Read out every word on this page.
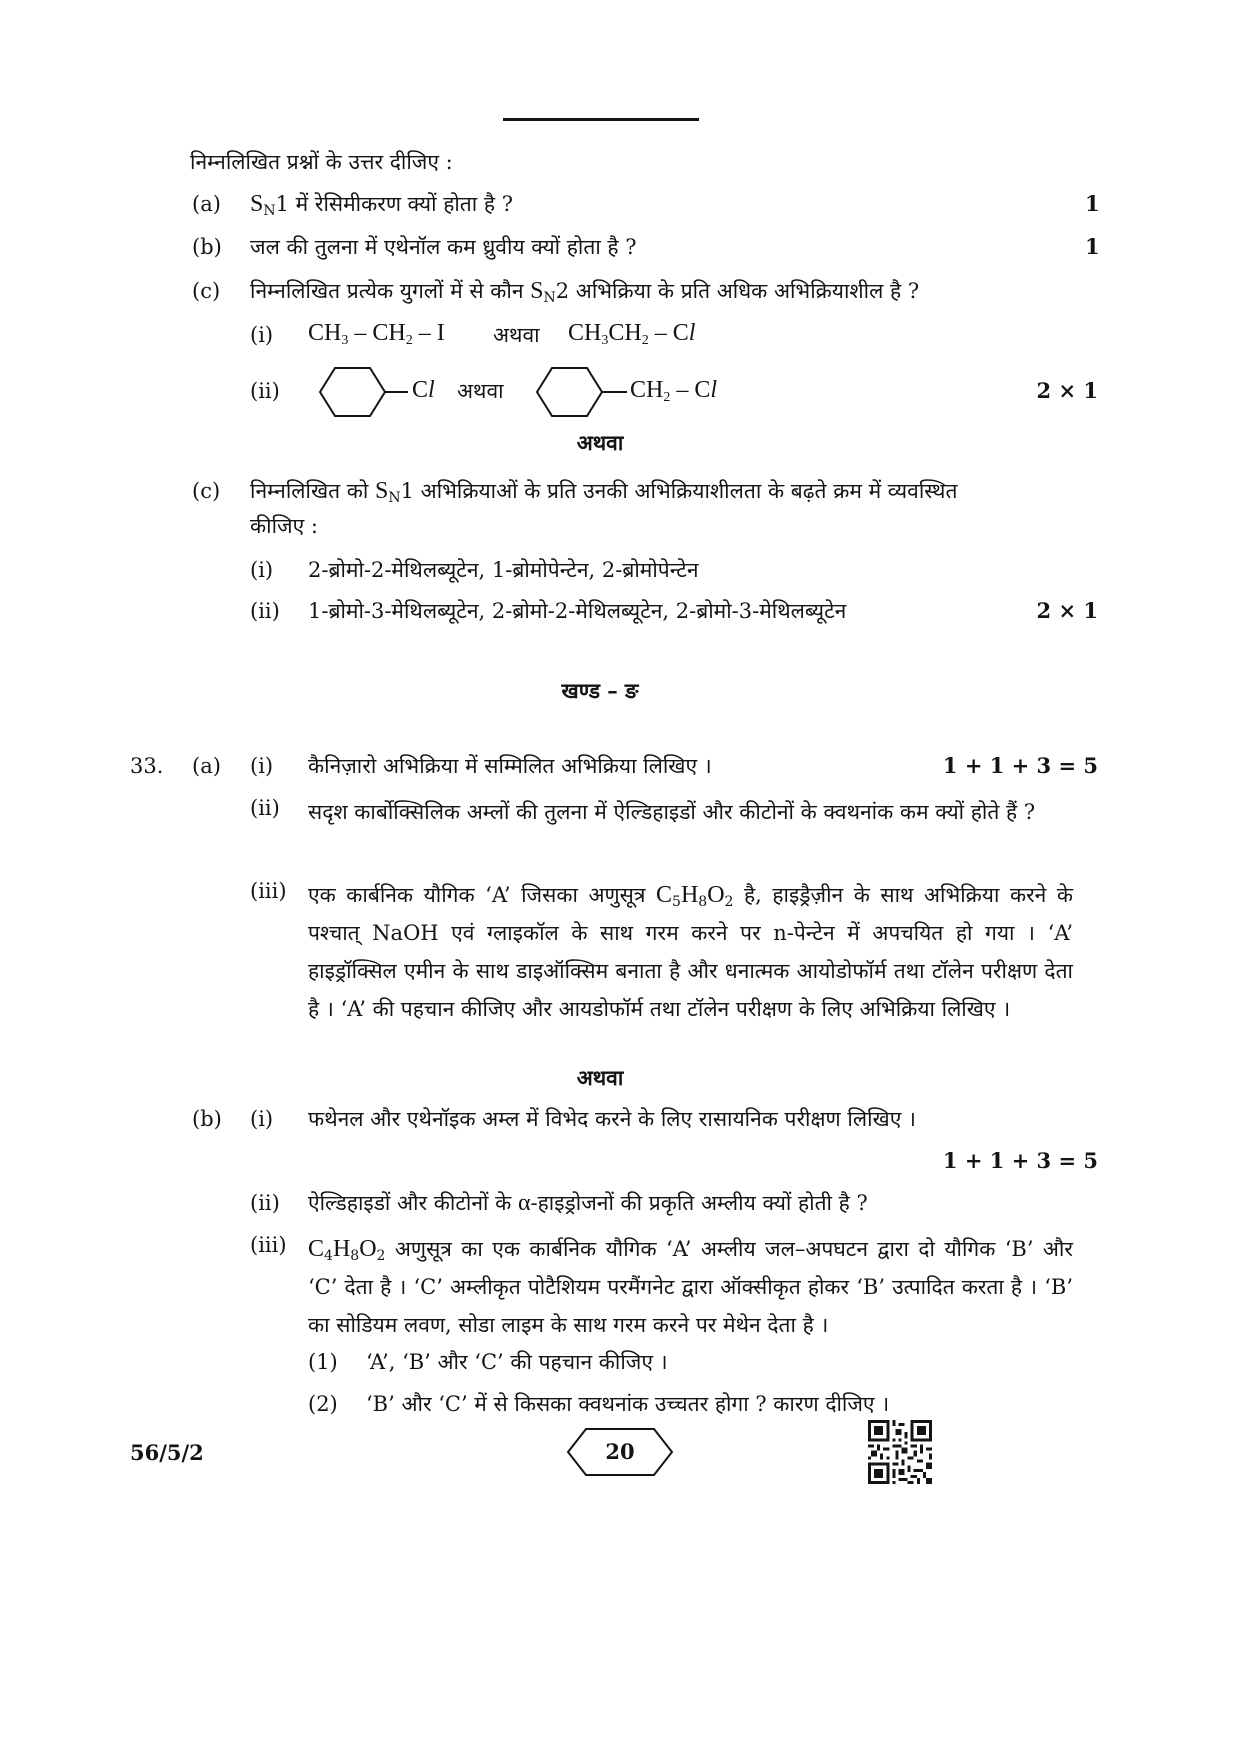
निम्नलिखित प्रश्नों के उत्तर दीजिए :
(a) $S_N1$ में रेसिमीकरण क्यों होता है ?	1
(b) जल की तुलना में एथेनॉल कम ध्रुवीय क्यों होता है ?	1
(c) निम्नलिखित प्रत्येक युगलों में से कौन $S_N2$ अभिक्रिया के प्रति अधिक अभिक्रियाशील है ?
(i) $CH_3 - CH_2$ – I अथवा $CH_3CH_2$ – Cl
(ii)	Cl अथवा	$CH_2$ – Cl	2 × 1
अथवा
(c) निम्नलिखित को $S_N1$ अभिक्रियाओं के प्रति उनकी अभिक्रियाशीलता के बढ़ते क्रम में व्यवस्थित
कीजिए :
(i) 2-ब्रोमो-2-मेथिलब्यूटेन, 1-ब्रोमोपेन्टेन, 2-ब्रोमोपेन्टेन
(ii) 1-ब्रोमो-3-मेथिलब्यूटेन, 2-ब्रोमो-2-मेथिलब्यूटेन, 2-ब्रोमो-3-मेथिलब्यूटेन	2 × 1
खण्ड – ङ
33. (a) (i) कैनिज़ारो अभिक्रिया में सम्मिलित अभिक्रिया लिखिए ।	1 + 1 + 3 = 5
(ii) सदृश कार्बोक्सिलिक अम्लों की तुलना में ऐल्डिहाइडों और कीटोनों के क्वथनांक कम क्यों होते हैं ?
(iii) एक कार्बनिक यौगिक ‘A’ जिसका अणुसूत्र $C_5H_8O_2$ है, हाइड्रैज़ीन के साथ अभिक्रिया करने के पश्चात् NaOH एवं ग्लाइकॉल के साथ गरम करने पर n-पेन्टेन में अपचयित हो गया । ‘A’ हाइड्रॉक्सिल एमीन के साथ डाइऑक्सिम बनाता है और धनात्मक आयोडोफॉर्म तथा टॉलेन परीक्षण देता है । ‘A’ की पहचान कीजिए और आयडोफॉर्म तथा टॉलेन परीक्षण के लिए अभिक्रिया लिखिए ।
अथवा
(b) (i) फथेनल और एथेनॉइक अम्ल में विभेद करने के लिए रासायनिक परीक्षण लिखिए ।
1 + 1 + 3 = 5
(ii) ऐल्डिहाइडों और कीटोनों के α-हाइड्रोजनों की प्रकृति अम्लीय क्यों होती है ?
(iii) $C_4H_8O_2$ अणुसूत्र का एक कार्बनिक यौगिक ‘A’ अम्लीय जल–अपघटन द्वारा दो यौगिक ‘B’ और ‘C’ देता है । ‘C’ अम्लीकृत पोटैशियम परमैंगनेट द्वारा ऑक्सीकृत होकर ‘B’ उत्पादित करता है । ‘B’ का सोडियम लवण, सोडा लाइम के साथ गरम करने पर मेथेन देता है ।
(1) ‘A’, ‘B’ और ‘C’ की पहचान कीजिए ।
(2) ‘B’ और ‘C’ में से किसका क्वथनांक उच्चतर होगा ? कारण दीजिए ।
56/5/2	20
